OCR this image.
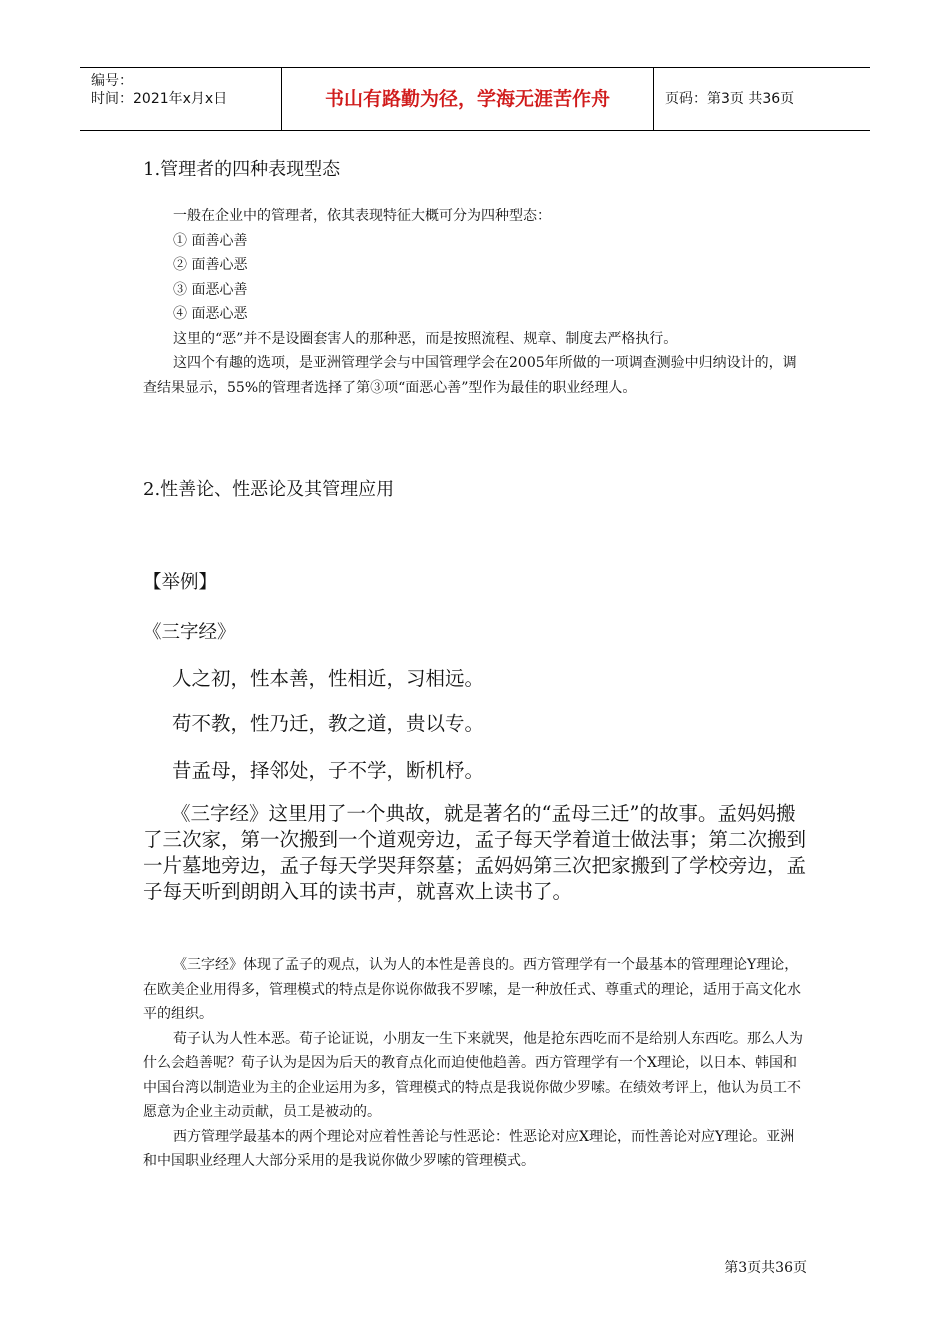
编号：
时间：2021年x月x日	书山有路勤为径，学海无涯苦作舟	页码：第3页 共36页
1.管理者的四种表现型态

一般在企业中的管理者，依其表现特征大概可分为四种型态：

① 面善心善

② 面善心恶

③ 面恶心善

④ 面恶心恶

这里的“恶”并不是设圈套害人的那种恶，而是按照流程、规章、制度去严格执行。

这四个有趣的选项，是亚洲管理学会与中国管理学会在2005年所做的一项调查测验中归纳设计的，调查结果显示，55%的管理者选择了第③项“面恶心善”型作为最佳的职业经理人。

2.性善论、性恶论及其管理应用
【举例】
《三字经》
人之初，性本善，性相近，习相远。
苟不教，性乃迁，教之道，贵以专。
昔孟母，择邻处，子不学，断机杼。

《三字经》这里用了一个典故，就是著名的“孟母三迁”的故事。孟妈妈搬了三次家，第一次搬到一个道观旁边，孟子每天学着道士做法事；第二次搬到一片墓地旁边，孟子每天学哭拜祭墓；孟妈妈第三次把家搬到了学校旁边，孟子每天听到朗朗入耳的读书声，就喜欢上读书了。

《三字经》体现了孟子的观点，认为人的本性是善良的。西方管理学有一个最基本的管理理论Y理论，在欧美企业用得多，管理模式的特点是你说你做我不罗嗦，是一种放任式、尊重式的理论，适用于高文化水平的组织。

荀子认为人性本恶。荀子论证说，小朋友一生下来就哭，他是抢东西吃而不是给别人东西吃。那么人为什么会趋善呢？荀子认为是因为后天的教育点化而迫使他趋善。西方管理学有一个X理论，以日本、韩国和中国台湾以制造业为主的企业运用为多，管理模式的特点是我说你做少罗嗦。在绩效考评上，他认为员工不愿意为企业主动贡献，员工是被动的。

西方管理学最基本的两个理论对应着性善论与性恶论：性恶论对应X理论，而性善论对应Y理论。亚洲和中国职业经理人大部分采用的是我说你做少罗嗦的管理模式。

第3页共36页
